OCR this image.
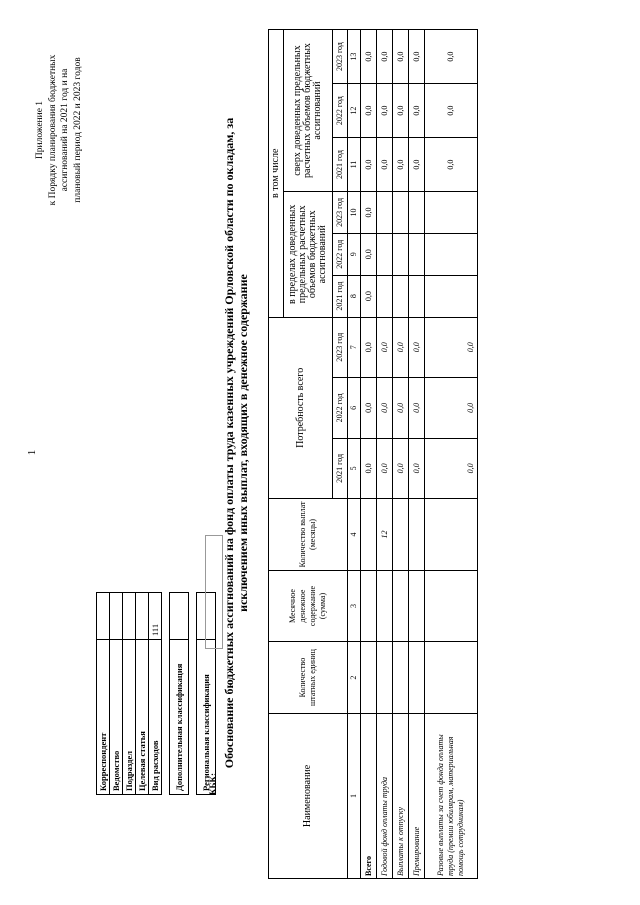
1
Приложение 1 к Порядку планирования бюджетных ассигнований на 2021 год и на плановый период 2022 и 2023 годов
Корреспондент	
Ведомство	
Подраздел	
Целевая статья	
Вид расходов	111

Дополнительная классификация	

Региональная классификация	
КБК:
Обоснование бюджетных ассигнований на фонд оплаты труда казенных учреждений Орловской области по окладам, за исключением иных выплат, входящих в денежное содержание
Наименование	Количество штатных единиц	Месячное денежное содержание (сумма)	Количество выплат (месяцы)	Потребность всего			в том числе					
							в пределах доведенных предельных расчетных объемов бюджетных ассигнований			сверх доведенных предельных расчетных объемов бюджетных ассигнований		

				2021 год	2022 год	2023 год	2021 год	2022 год	2023 год	2021 год	2022 год	2023 год
1	2	3	4	5	6	7	8	9	10	11	12	13
Всего				0,0	0,0	0,0	0,0	0,0	0,0	0,0	0,0	0,0
Годовой фонд оплаты труда			12	0,0	0,0	0,0				0,0	0,0	0,0
Выплаты к отпуску				0,0	0,0	0,0				0,0	0,0	0,0
Премирование				0,0	0,0	0,0				0,0	0,0	0,0
Разовые выплаты за счет фонда оплаты труда (премии юбилярам, материальная помощь сотрудникам)				0,0	0,0	0,0				0,0	0,0	0,0
